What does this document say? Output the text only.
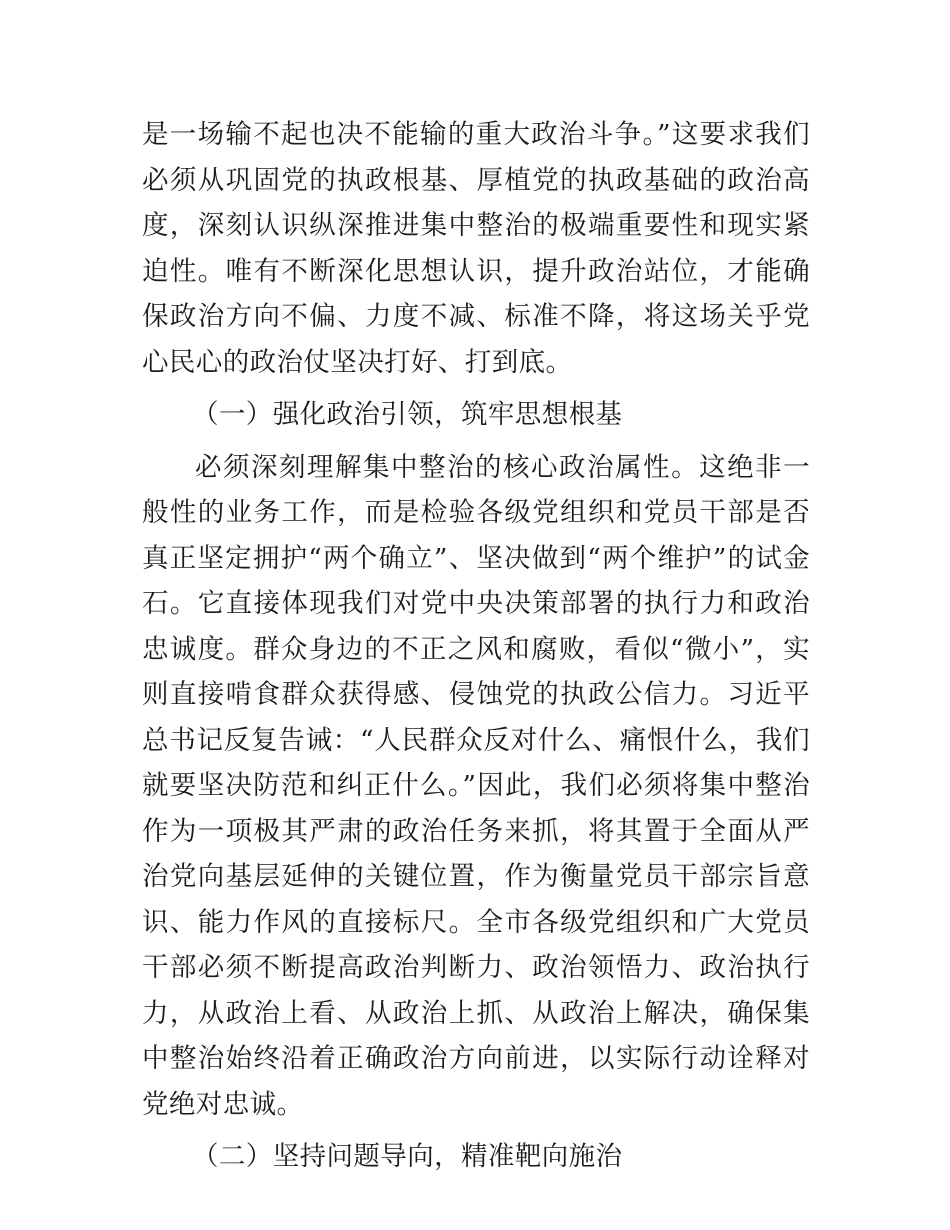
是一场输不起也决不能输的重大政治斗争。”这要求我们必须从巩固党的执政根基、厚植党的执政基础的政治高度，深刻认识纵深推进集中整治的极端重要性和现实紧迫性。唯有不断深化思想认识，提升政治站位，才能确保政治方向不偏、力度不减、标准不降，将这场关乎党心民心的政治仗坚决打好、打到底。

（一）强化政治引领，筑牢思想根基

必须深刻理解集中整治的核心政治属性。这绝非一般性的业务工作，而是检验各级党组织和党员干部是否真正坚定拥护“两个确立”、坚决做到“两个维护”的试金石。它直接体现我们对党中央决策部署的执行力和政治忠诚度。群众身边的不正之风和腐败，看似“微小”，实则直接啃食群众获得感、侵蚀党的执政公信力。习近平总书记反复告诫：“人民群众反对什么、痛恨什么，我们就要坚决防范和纠正什么。”因此，我们必须将集中整治作为一项极其严肃的政治任务来抓，将其置于全面从严治党向基层延伸的关键位置，作为衡量党员干部宗旨意识、能力作风的直接标尺。全市各级党组织和广大党员干部必须不断提高政治判断力、政治领悟力、政治执行力，从政治上看、从政治上抓、从政治上解决，确保集中整治始终沿着正确政治方向前进，以实际行动诠释对党绝对忠诚。

（二）坚持问题导向，精准靶向施治
